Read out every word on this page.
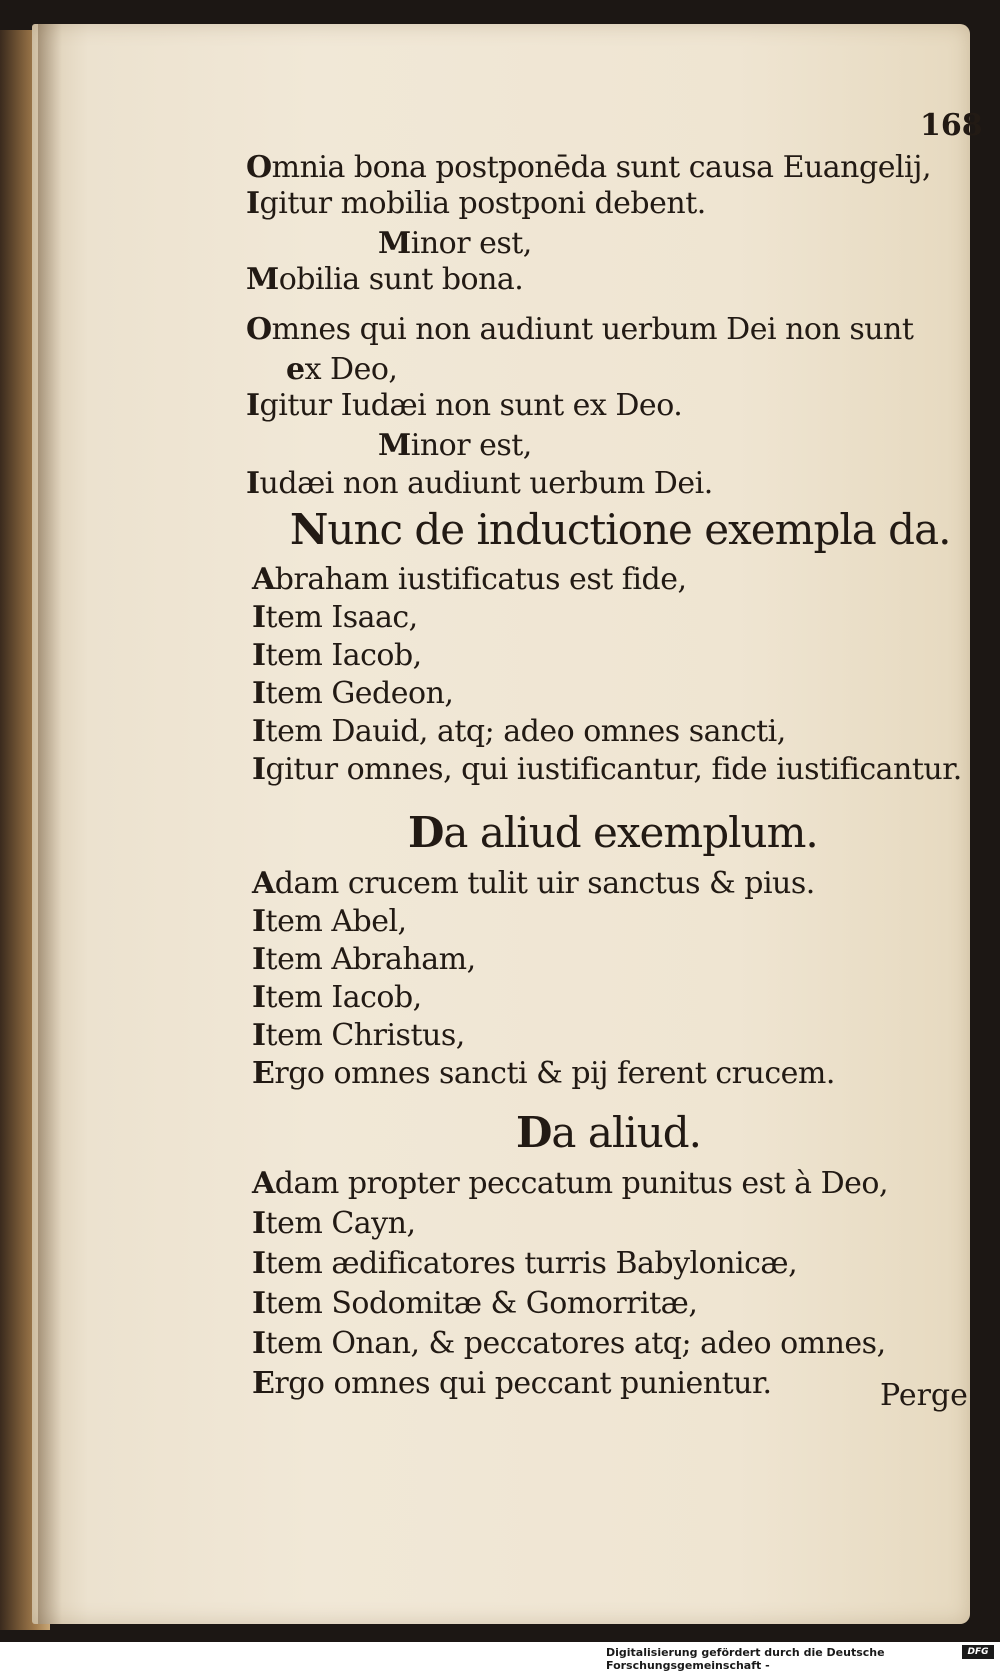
168
Omnia bona postponēda sunt causa Euangelij,
Igitur mobilia postponi debent.
Minor est,
Mobilia sunt bona.
Omnes qui non audiunt uerbum Dei non sunt
ex Deo,
Igitur Iudæi non sunt ex Deo.
Minor est,
Iudæi non audiunt uerbum Dei.
Nunc de inductione exempla da.
Abraham iustificatus est fide,
Item Isaac,
Item Iacob,
Item Gedeon,
Item Dauid, atq; adeo omnes sancti,
Igitur omnes, qui iustificantur, fide iustificantur.
Da aliud exemplum.
Adam crucem tulit uir sanctus & pius.
Item Abel,
Item Abraham,
Item Iacob,
Item Christus,
Ergo omnes sancti & pij ferent crucem.
Da aliud.
Adam propter peccatum punitus est à Deo,
Item Cayn,
Item ædificatores turris Babylonicæ,
Item Sodomitæ & Gomorritæ,
Item Onan, & peccatores atq; adeo omnes,
Ergo omnes qui peccant punientur.	Perge
Digitalisierung gefördert durch die Deutsche Forschungsgemeinschaft -
DFG
